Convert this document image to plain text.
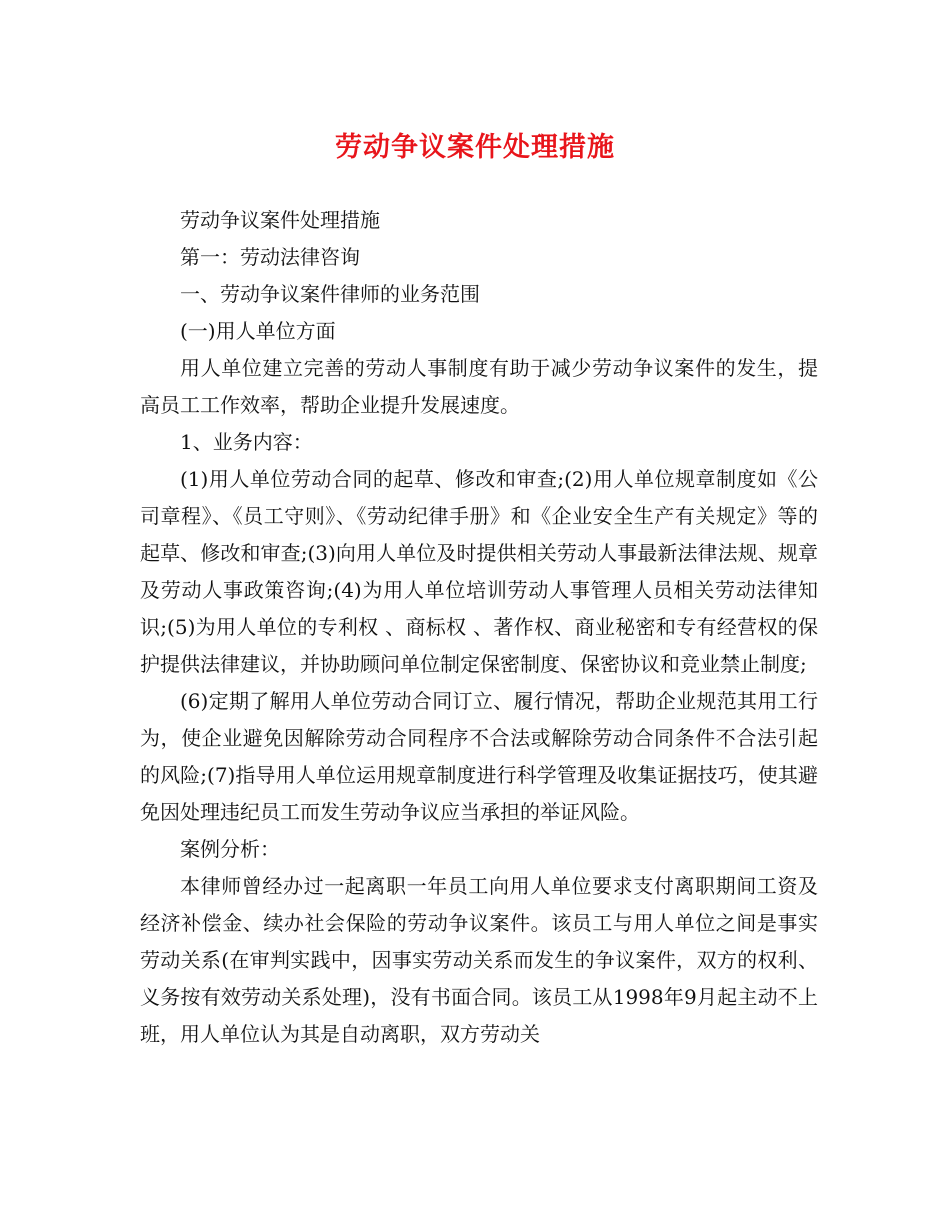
劳动争议案件处理措施

劳动争议案件处理措施

第一：劳动法律咨询

一、劳动争议案件律师的业务范围

(一)用人单位方面

用人单位建立完善的劳动人事制度有助于减少劳动争议案件的发生，提高员工工作效率，帮助企业提升发展速度。

1、业务内容：

(1)用人单位劳动合同的起草、修改和审查;(2)用人单位规章制度如《公司章程》、《员工守则》、《劳动纪律手册》和《企业安全生产有关规定》等的起草、修改和审查;(3)向用人单位及时提供相关劳动人事最新法律法规、规章及劳动人事政策咨询;(4)为用人单位培训劳动人事管理人员相关劳动法律知识;(5)为用人单位的专利权 、商标权 、著作权、商业秘密和专有经营权的保护提供法律建议，并协助顾问单位制定保密制度、保密协议和竞业禁止制度;

(6)定期了解用人单位劳动合同订立、履行情况，帮助企业规范其用工行为，使企业避免因解除劳动合同程序不合法或解除劳动合同条件不合法引起的风险;(7)指导用人单位运用规章制度进行科学管理及收集证据技巧，使其避免因处理违纪员工而发生劳动争议应当承担的举证风险。

案例分析：

本律师曾经办过一起离职一年员工向用人单位要求支付离职期间工资及经济补偿金、续办社会保险的劳动争议案件。该员工与用人单位之间是事实劳动关系(在审判实践中，因事实劳动关系而发生的争议案件，双方的权利、义务按有效劳动关系处理)，没有书面合同。该员工从1998年9月起主动不上班，用人单位认为其是自动离职，双方劳动关
